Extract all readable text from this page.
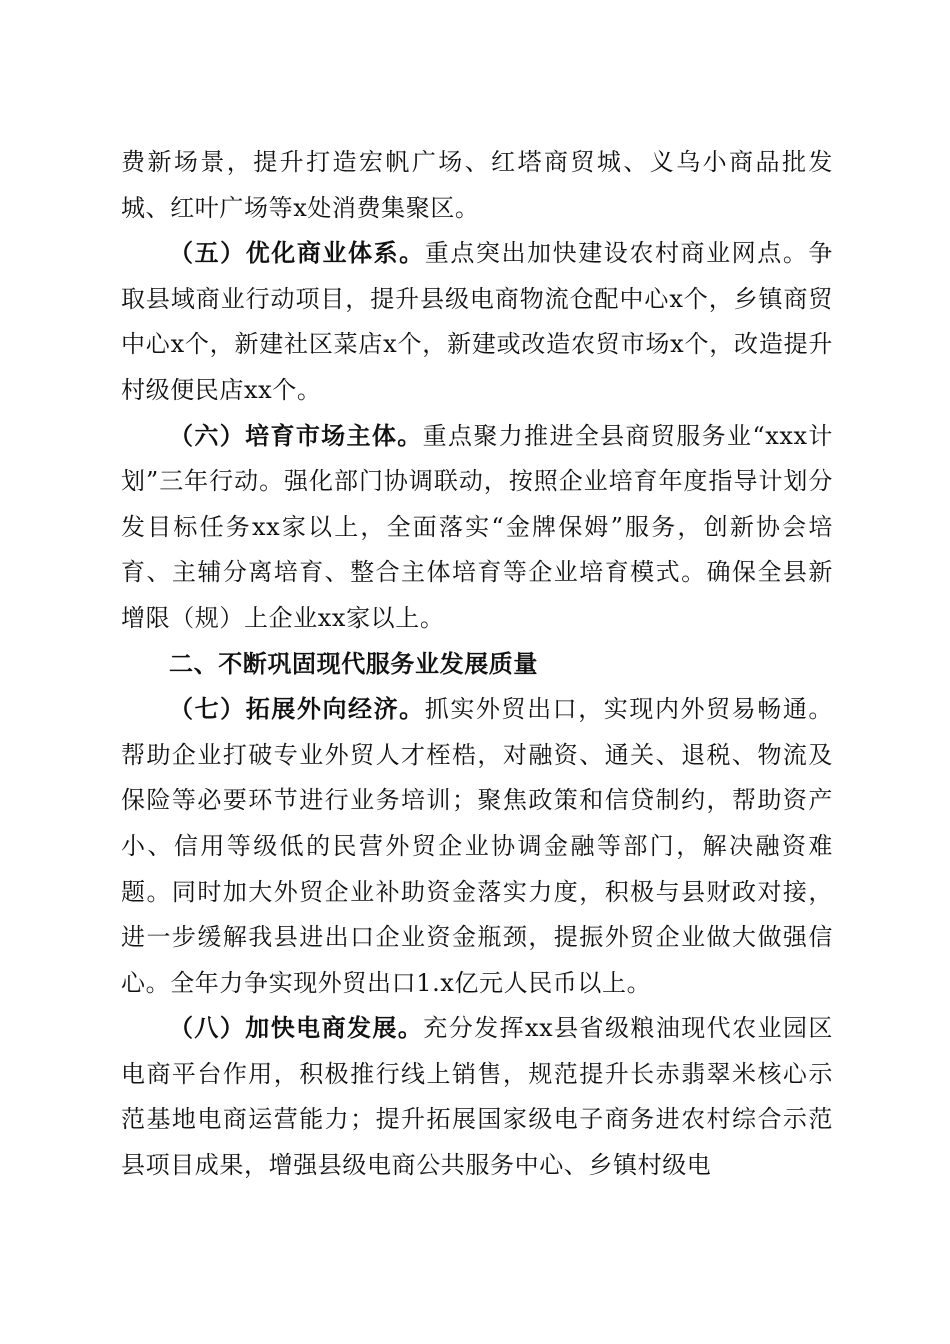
费新场景，提升打造宏帆广场、红塔商贸城、义乌小商品批发城、红叶广场等x处消费集聚区。

（五）优化商业体系。重点突出加快建设农村商业网点。争取县域商业行动项目，提升县级电商物流仓配中心x个，乡镇商贸中心x个，新建社区菜店x个，新建或改造农贸市场x个，改造提升村级便民店xx个。

（六）培育市场主体。重点聚力推进全县商贸服务业“xxx计划”三年行动。强化部门协调联动，按照企业培育年度指导计划分发目标任务xx家以上，全面落实“金牌保姆”服务，创新协会培育、主辅分离培育、整合主体培育等企业培育模式。确保全县新增限（规）上企业xx家以上。

二、不断巩固现代服务业发展质量

（七）拓展外向经济。抓实外贸出口，实现内外贸易畅通。帮助企业打破专业外贸人才桎梏，对融资、通关、退税、物流及保险等必要环节进行业务培训；聚焦政策和信贷制约，帮助资产小、信用等级低的民营外贸企业协调金融等部门，解决融资难题。同时加大外贸企业补助资金落实力度，积极与县财政对接，进一步缓解我县进出口企业资金瓶颈，提振外贸企业做大做强信心。全年力争实现外贸出口1.x亿元人民币以上。

（八）加快电商发展。充分发挥xx县省级粮油现代农业园区电商平台作用，积极推行线上销售，规范提升长赤翡翠米核心示范基地电商运营能力；提升拓展国家级电子商务进农村综合示范县项目成果，增强县级电商公共服务中心、乡镇村级电
